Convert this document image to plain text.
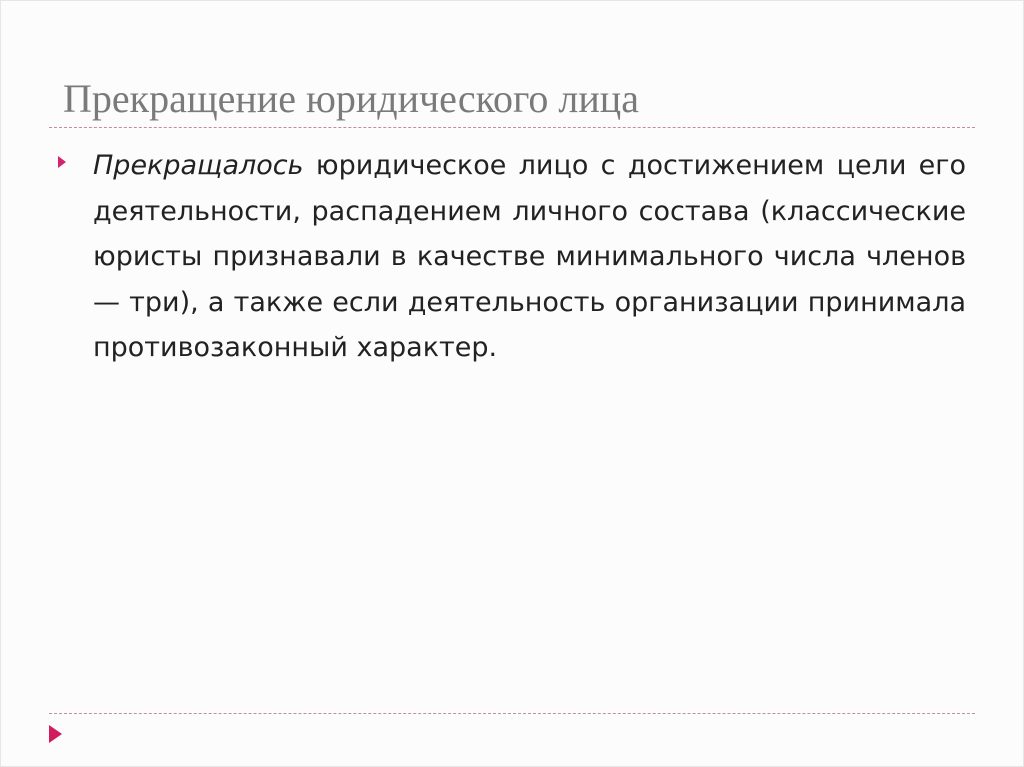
Прекращение юридического лица

Прекращалось юридическое лицо с достижением цели его деятельности, распадением личного состава (классические юристы признавали в качестве минимального числа членов — три), а также если деятельность организации принимала противозаконный характер.
